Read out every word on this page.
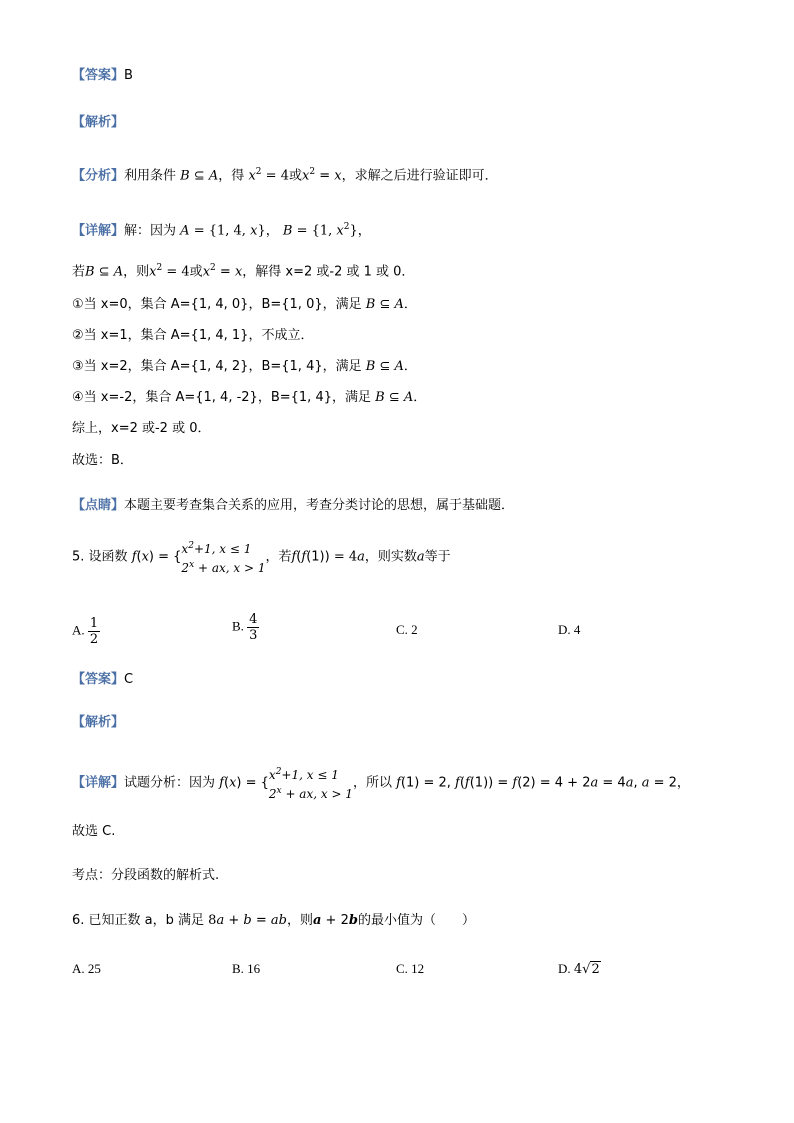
【答案】B
【解析】
【分析】利用条件 B ⊆ A，得 $x^2 = 4$或$x^2 = x$，求解之后进行验证即可．
【详解】解：因为 A = {1, 4, x}， B = {1, $x^2$}，
若B ⊆ A，则$x^2 = 4$或$x^2 = x$，解得 x=2 或-2 或 1 或 0．
①当 x=0，集合 A={1, 4, 0}，B={1, 0}，满足 B ⊆ A．
②当 x=1，集合 A={1, 4, 1}，不成立．
③当 x=2，集合 A={1, 4, 2}，B={1, 4}，满足 B ⊆ A．
④当 x=-2，集合 A={1, 4, -2}，B={1, 4}，满足 B ⊆ A．
综上，x=2 或-2 或 0．
故选：B．
【点睛】本题主要考查集合关系的应用，考查分类讨论的思想，属于基础题．
5. 设函数 $f(x) = \{x^2+1$, x ≤ 1
$2^x$ + ax, x > 1，若f(f(1)) = 4a，则实数a等于
A. $\frac{1}{2}$	B. $\frac{4}{3}$	C. 2	D. 4
【答案】C
【解析】
【详解】试题分析：因为 $f(x) = \{x^2+1$, x ≤ 1
$2^x$ + ax, x > 1，所以 f(1) = 2, f(f(1)) = f(2) = 4 + 2a = 4a, a = 2，
故选 C.
考点：分段函数的解析式.
6. 已知正数 a，b 满足 8a + b = ab，则a + 2b的最小值为（　　）
A. 25	B. 16	C. 12	D. 4√2
